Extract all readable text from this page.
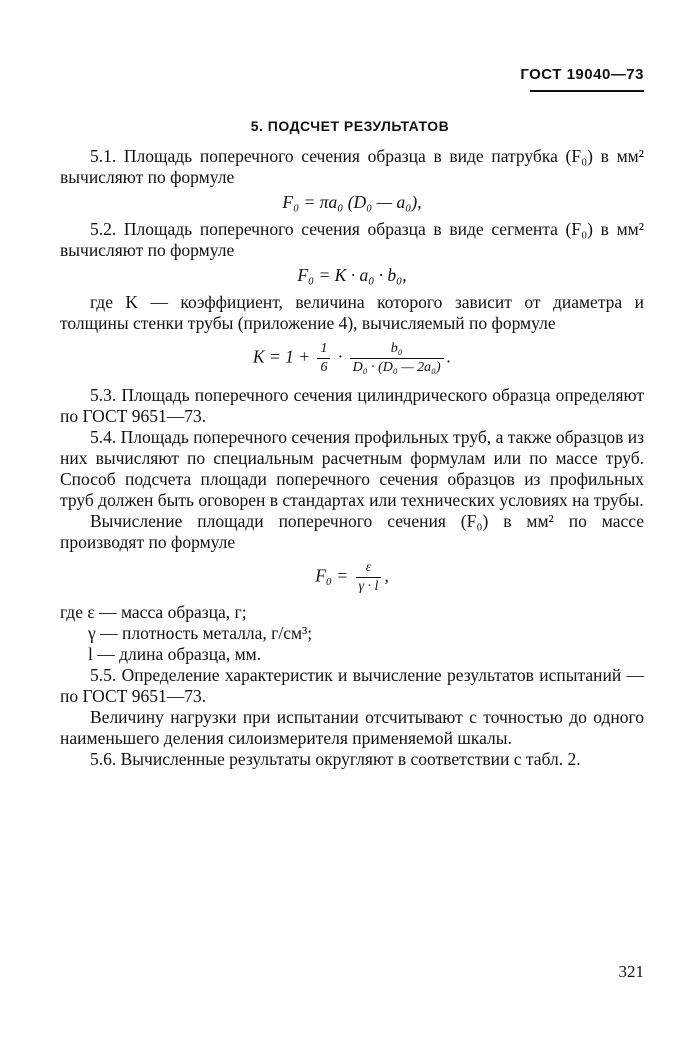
ГОСТ 19040—73
5. ПОДСЧЕТ РЕЗУЛЬТАТОВ

5.1. Площадь поперечного сечения образца в виде патрубка (F₀) в мм² вычисляют по формуле

F₀ = πa₀ (D₀ — a₀),

5.2. Площадь поперечного сечения образца в виде сегмента (F₀) в мм² вычисляют по формуле

F₀ = K · a₀ · b₀,

где K — коэффициент, величина которого зависит от диаметра и толщины стенки трубы (приложение 4), вычисляемый по формуле

$K = 1 + \frac{1}{6} \cdot \frac{\text{b₀}}{\text{D₀ · (D₀ — 2a₀)}}$ .

5.3. Площадь поперечного сечения цилиндрического образца определяют по ГОСТ 9651—73.

5.4. Площадь поперечного сечения профильных труб, а также образцов из них вычисляют по специальным расчетным формулам или по массе труб. Способ подсчета площади поперечного сечения образцов из профильных труб должен быть оговорен в стандартах или технических условиях на трубы.

Вычисление площади поперечного сечения (F₀) в мм² по массе производят по формуле

$F_0 = \frac{\varepsilon}{\gamma \cdot l}$ ,
где ε — масса образца, г;
γ — плотность металла, г/см³;
l — длина образца, мм.

5.5. Определение характеристик и вычисление результатов испытаний — по ГОСТ 9651—73.

Величину нагрузки при испытании отсчитывают с точностью до одного наименьшего деления силоизмерителя применяемой шкалы.

5.6. Вычисленные результаты округляют в соответствии с табл. 2.

321
